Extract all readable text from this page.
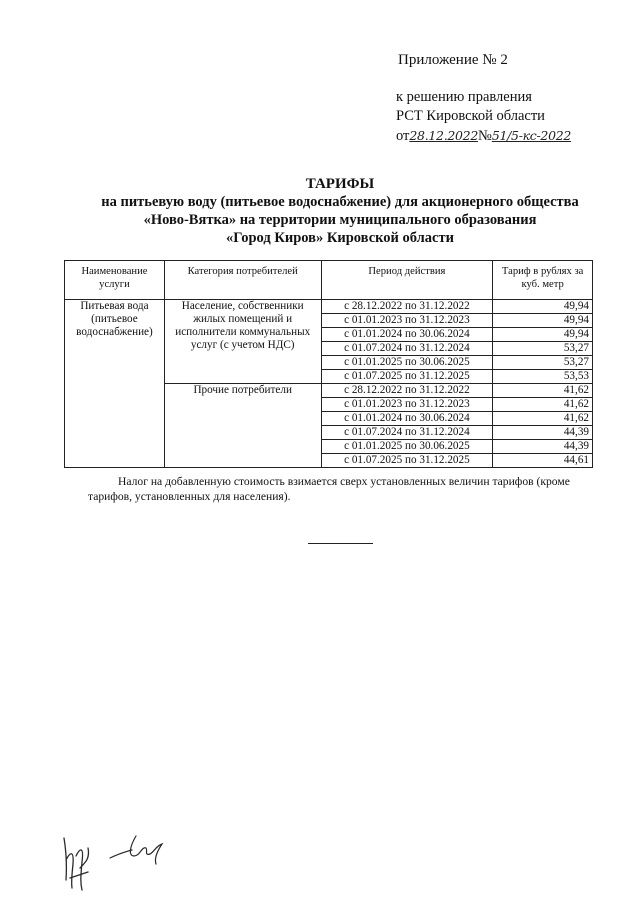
Приложение № 2
к решению правления
РСТ Кировской области
от28.12.2022№51/5-кс-2022
ТАРИФЫ
на питьевую воду (питьевое водоснабжение) для акционерного общества
«Ново-Вятка» на территории муниципального образования
«Город Киров» Кировской области
Наименование услуги	Категория потребителей	Период действия	Тариф в рублях за куб. метр
Питьевая вода (питьевое водоснабжение)	Население, собственники жилых помещений и исполнители коммунальных услуг (с учетом НДС)	с 28.12.2022 по 31.12.2022	49,94
		с 01.01.2023 по 31.12.2023	49,94
		с 01.01.2024 по 30.06.2024	49,94
		с 01.07.2024 по 31.12.2024	53,27
		с 01.01.2025 по 30.06.2025	53,27
		с 01.07.2025 по 31.12.2025	53,53
	Прочие потребители	с 28.12.2022 по 31.12.2022	41,62
		с 01.01.2023 по 31.12.2023	41,62
		с 01.01.2024 по 30.06.2024	41,62
		с 01.07.2024 по 31.12.2024	44,39
		с 01.01.2025 по 30.06.2025	44,39
		с 01.07.2025 по 31.12.2025	44,61
Налог на добавленную стоимость взимается сверх установленных величин тарифов (кроме тарифов, установленных для населения).
